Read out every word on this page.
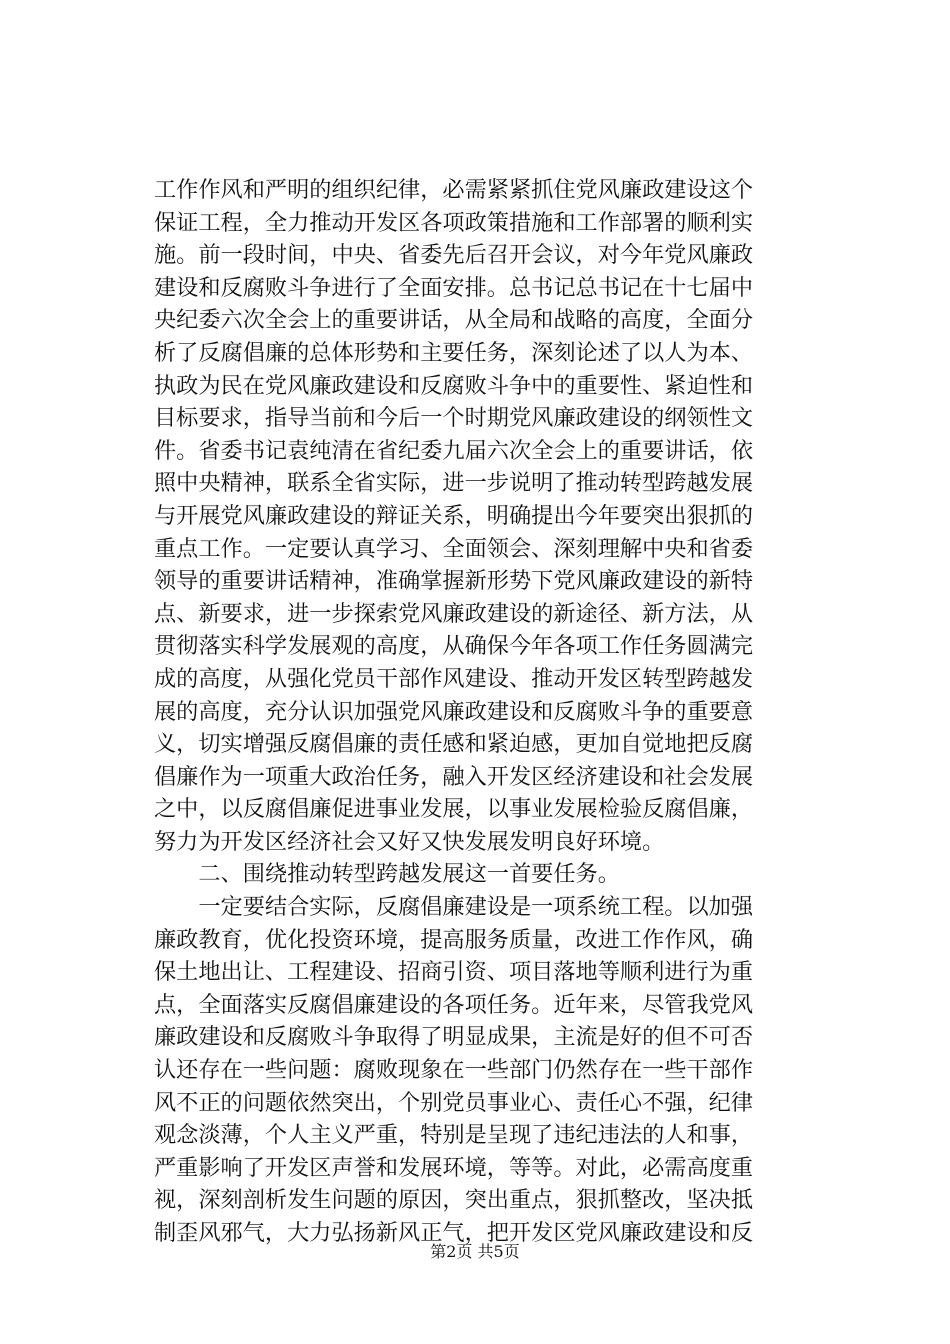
工作作风和严明的组织纪律，必需紧紧抓住党风廉政建设这个
保证工程，全力推动开发区各项政策措施和工作部署的顺利实
施。前一段时间，中央、省委先后召开会议，对今年党风廉政
建设和反腐败斗争进行了全面安排。总书记总书记在十七届中
央纪委六次全会上的重要讲话，从全局和战略的高度，全面分
析了反腐倡廉的总体形势和主要任务，深刻论述了以人为本、
执政为民在党风廉政建设和反腐败斗争中的重要性、紧迫性和
目标要求，指导当前和今后一个时期党风廉政建设的纲领性文
件。省委书记袁纯清在省纪委九届六次全会上的重要讲话，依
照中央精神，联系全省实际，进一步说明了推动转型跨越发展
与开展党风廉政建设的辩证关系，明确提出今年要突出狠抓的
重点工作。一定要认真学习、全面领会、深刻理解中央和省委
领导的重要讲话精神，准确掌握新形势下党风廉政建设的新特
点、新要求，进一步探索党风廉政建设的新途径、新方法，从
贯彻落实科学发展观的高度，从确保今年各项工作任务圆满完
成的高度，从强化党员干部作风建设、推动开发区转型跨越发
展的高度，充分认识加强党风廉政建设和反腐败斗争的重要意
义，切实增强反腐倡廉的责任感和紧迫感，更加自觉地把反腐
倡廉作为一项重大政治任务，融入开发区经济建设和社会发展
之中，以反腐倡廉促进事业发展，以事业发展检验反腐倡廉，
努力为开发区经济社会又好又快发展发明良好环境。
　　二、围绕推动转型跨越发展这一首要任务。
　　一定要结合实际，反腐倡廉建设是一项系统工程。以加强
廉政教育，优化投资环境，提高服务质量，改进工作作风，确
保土地出让、工程建设、招商引资、项目落地等顺利进行为重
点，全面落实反腐倡廉建设的各项任务。近年来，尽管我党风
廉政建设和反腐败斗争取得了明显成果，主流是好的但不可否
认还存在一些问题：腐败现象在一些部门仍然存在一些干部作
风不正的问题依然突出，个别党员事业心、责任心不强，纪律
观念淡薄，个人主义严重，特别是呈现了违纪违法的人和事，
严重影响了开发区声誉和发展环境，等等。对此，必需高度重
视，深刻剖析发生问题的原因，突出重点，狠抓整改，坚决抵
制歪风邪气，大力弘扬新风正气，把开发区党风廉政建设和反
第2页 共5页
